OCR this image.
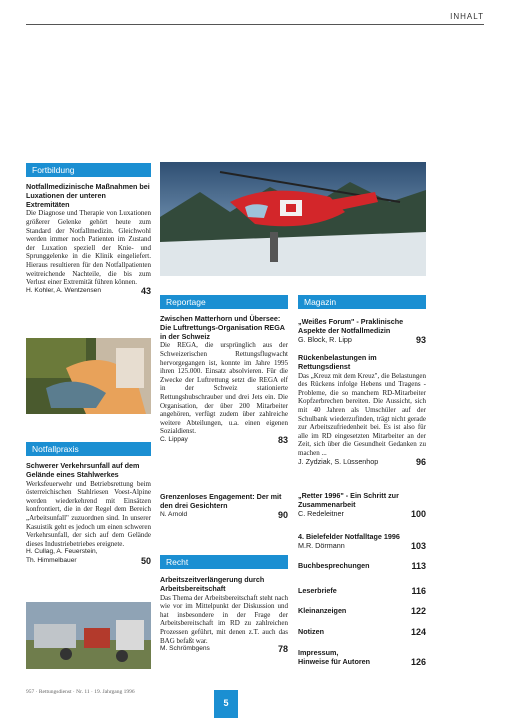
INHALT
Fortbildung
Notfallmedizinische Maßnahmen bei Luxationen der unteren Extremitäten
Die Diagnose und Therapie von Luxationen größerer Gelenke gehört heute zum Standard der Notfallmedizin. Gleichwohl werden immer noch Patienten im Zustand der Luxation speziell der Knie- und Sprunggelenke in die Klinik eingeliefert. Hieraus resultieren für den Notfallpatienten weitreichende Nachteile, die bis zum Verlust einer Extremität führen können.
H. Kohler, A. Wentzensen	43
Notfallpraxis
Schwerer Verkehrsunfall auf dem Gelände eines Stahlwerkes
Werksfeuerwehr und Betriebsrettung beim österreichischen Stahlriesen Voest-Alpine werden wiederkehrend mit Einsätzen konfrontiert, die in der Regel dem Bereich „Arbeitsunfall" zuzuordnen sind. In unserer Kasuistik geht es jedoch um einen schweren Verkehrsunfall, der sich auf dem Gelände dieses Industriebetriebes ereignete.
H. Cullag, A. Feuerstein,
Th. Himmelbauer	50
Reportage
Zwischen Matterhorn und Übersee: Die Luftrettungs-Organisation REGA in der Schweiz
Die REGA, die ursprünglich aus der Schweizerischen Rettungsflugwacht hervorgegangen ist, konnte im Jahre 1995 ihren 125.000. Einsatz absolvieren. Für die Zwecke der Luftrettung setzt die REGA elf in der Schweiz stationierte Rettungshubschrauber und drei Jets ein. Die Organisation, der über 200 Mitarbeiter angehören, verfügt zudem über zahlreiche weitere Abteilungen, u.a. einen eigenen Sozialdienst.
C. Lippay	83
Grenzenloses Engagement: Der mit den drei Gesichtern
N. Arnold	90
Recht
Arbeitszeitverlängerung durch Arbeitsbereitschaft
Das Thema der Arbeitsbereitschaft steht nach wie vor im Mittelpunkt der Diskussion und hat insbesondere in der Frage der Arbeitsbereitschaft im RD zu zahlreichen Prozessen geführt, mit denen z.T. auch das BAG befaßt war.
M. Schrömbgens	78
Magazin
„Weißes Forum" - Praklinische Aspekte der Notfallmedizin
G. Block, R. Lipp	93
Rückenbelastungen im Rettungsdienst
Das „Kreuz mit dem Kreuz", die Belastungen des Rückens infolge Hebens und Tragens - Probleme, die so manchem RD-Mitarbeiter Kopfzerbrechen bereiten. Die Aussicht, sich mit 40 Jahren als Umschüler auf der Schulbank wiederzufinden, trägt nicht gerade zur Arbeitszufriedenheit bei. Es ist also für alle im RD eingesetzten Mitarbeiter an der Zeit, sich über die Gesundheit Gedanken zu machen ...
J. Zydziak, S. Lüssenhop	96
„Retter 1996" - Ein Schritt zur Zusammenarbeit
C. Redeleitner	100
4. Bielefelder Notfalltage 1996
M.R. Dörmann	103
Buchbesprechungen	113
Leserbriefe	116
Kleinanzeigen	122
Notizen	124
Impressum,
Hinweise für Autoren	126
957 · Rettungsdienst · Nr. 11 · 19. Jahrgang 1996
5
